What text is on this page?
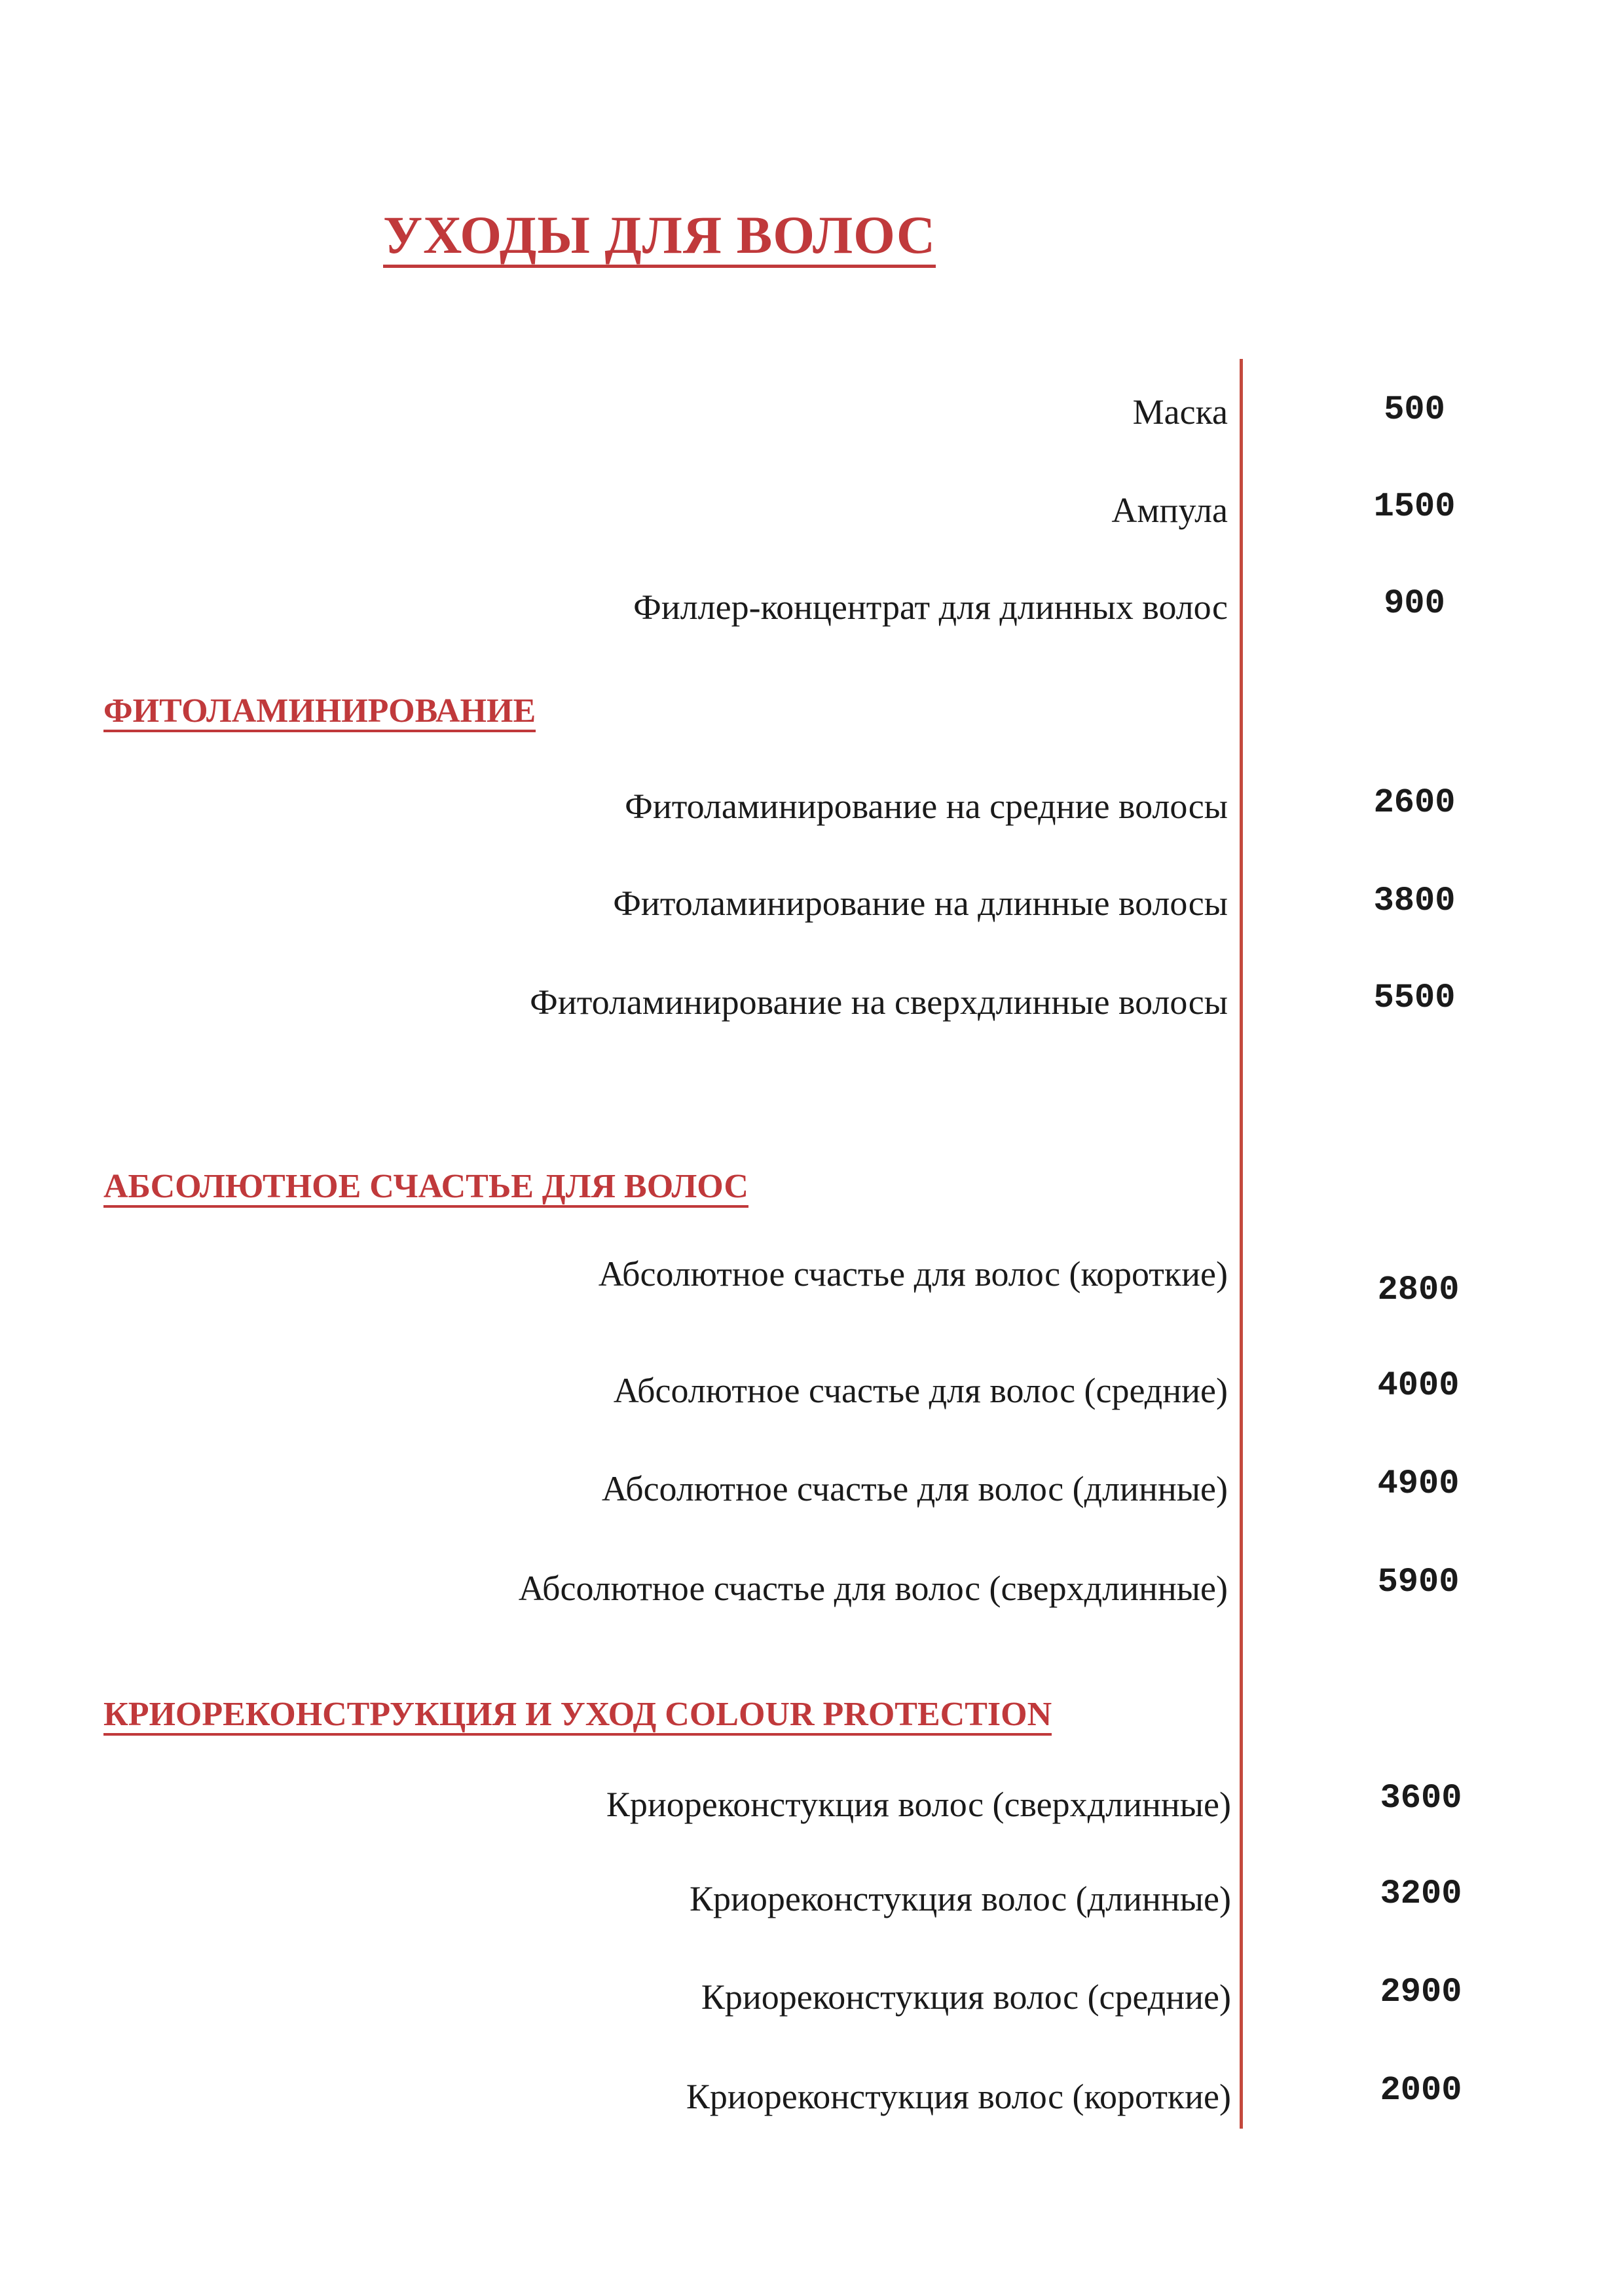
УХОДЫ ДЛЯ ВОЛОС
Маска	500
Ампула	1500
Филлер-концентрат для длинных волос	900
ФИТОЛАМИНИРОВАНИЕ
Фитоламинирование на средние волосы	2600
Фитоламинирование на длинные волосы	3800
Фитоламинирование на сверхдлинные волосы	5500
АБСОЛЮТНОЕ СЧАСТЬЕ ДЛЯ ВОЛОС
Абсолютное счастье для волос (короткие)	2800
Абсолютное счастье для волос (средние)	4000
Абсолютное счастье для волос (длинные)	4900
Абсолютное счастье для волос (сверхдлинные)	5900
КРИОРЕКОНСТРУКЦИЯ И УХОД COLOUR PROTECTION
Криореконстукция волос (сверхдлинные)	3600
Криореконстукция волос (длинные)	3200
Криореконстукция волос (средние)	2900
Криореконстукция волос (короткие)	2000
